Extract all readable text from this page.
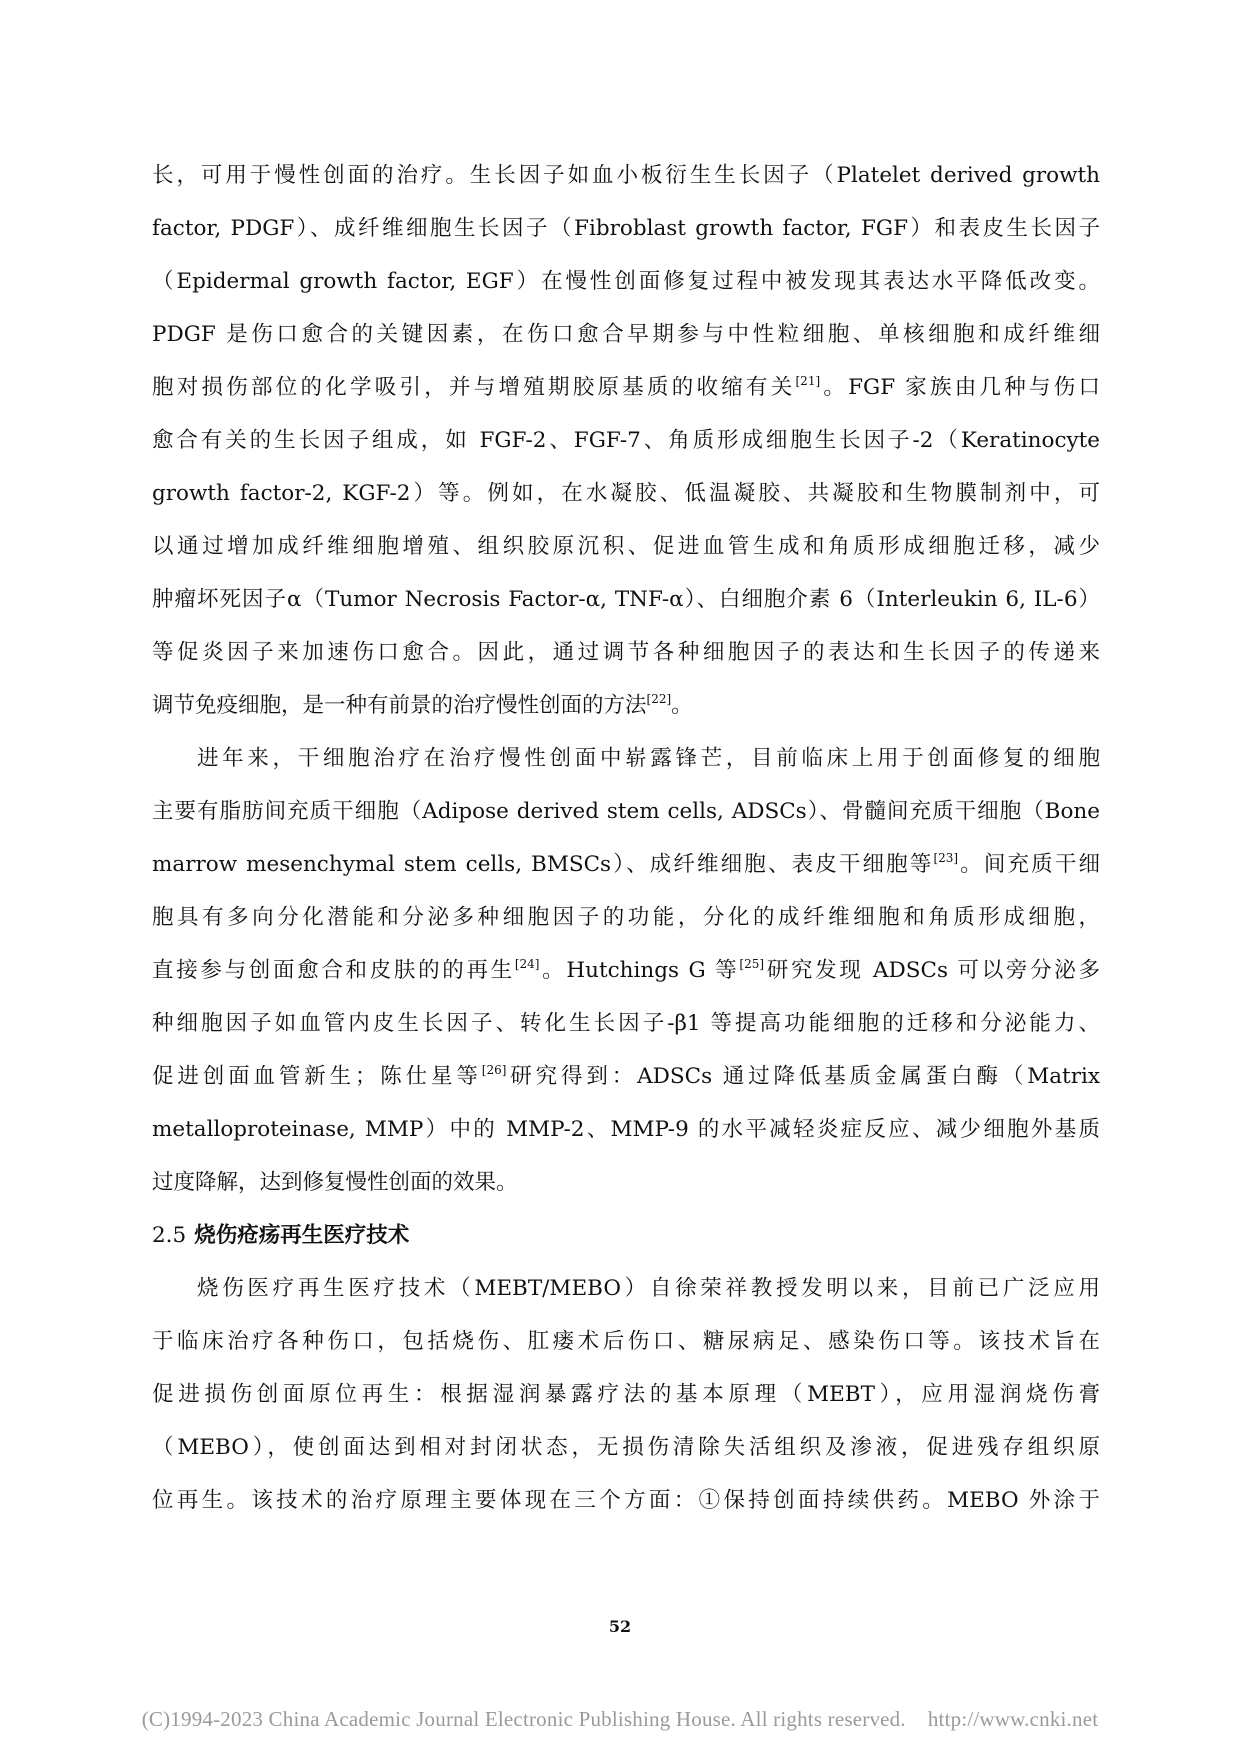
长，可用于慢性创面的治疗。生长因子如血小板衍生生长因子（Platelet derived growth

factor, PDGF）、成纤维细胞生长因子（Fibroblast growth factor, FGF）和表皮生长因子

（Epidermal growth factor, EGF）在慢性创面修复过程中被发现其表达水平降低改变。

PDGF 是伤口愈合的关键因素，在伤口愈合早期参与中性粒细胞、单核细胞和成纤维细

胞对损伤部位的化学吸引，并与增殖期胶原基质的收缩有关[21]。FGF 家族由几种与伤口

愈合有关的生长因子组成，如 FGF-2、FGF-7、角质形成细胞生长因子-2（Keratinocyte

growth factor-2, KGF-2）等。例如，在水凝胶、低温凝胶、共凝胶和生物膜制剂中，可

以通过增加成纤维细胞增殖、组织胶原沉积、促进血管生成和角质形成细胞迁移，减少

肿瘤坏死因子α（Tumor Necrosis Factor-α, TNF-α）、白细胞介素 6（Interleukin 6, IL-6）

等促炎因子来加速伤口愈合。因此，通过调节各种细胞因子的表达和生长因子的传递来

调节免疫细胞，是一种有前景的治疗慢性创面的方法[22]。

进年来，干细胞治疗在治疗慢性创面中崭露锋芒，目前临床上用于创面修复的细胞

主要有脂肪间充质干细胞（Adipose derived stem cells, ADSCs）、骨髓间充质干细胞（Bone

marrow mesenchymal stem cells, BMSCs）、成纤维细胞、表皮干细胞等[23]。间充质干细

胞具有多向分化潜能和分泌多种细胞因子的功能，分化的成纤维细胞和角质形成细胞，

直接参与创面愈合和皮肤的的再生[24]。Hutchings G 等[25]研究发现 ADSCs 可以旁分泌多

种细胞因子如血管内皮生长因子、转化生长因子-β1 等提高功能细胞的迁移和分泌能力、

促进创面血管新生；陈仕星等[26]研究得到：ADSCs 通过降低基质金属蛋白酶（Matrix

metalloproteinase, MMP）中的 MMP-2、MMP-9 的水平减轻炎症反应、减少细胞外基质

过度降解，达到修复慢性创面的效果。

2.5 烧伤疮疡再生医疗技术

烧伤医疗再生医疗技术（MEBT/MEBO）自徐荣祥教授发明以来，目前已广泛应用

于临床治疗各种伤口，包括烧伤、肛瘘术后伤口、糖尿病足、感染伤口等。该技术旨在

促进损伤创面原位再生：根据湿润暴露疗法的基本原理（MEBT），应用湿润烧伤膏

（MEBO），使创面达到相对封闭状态，无损伤清除失活组织及渗液，促进残存组织原

位再生。该技术的治疗原理主要体现在三个方面：①保持创面持续供药。MEBO 外涂于

52
(C)1994-2023 China Academic Journal Electronic Publishing House. All rights reserved. http://www.cnki.net
